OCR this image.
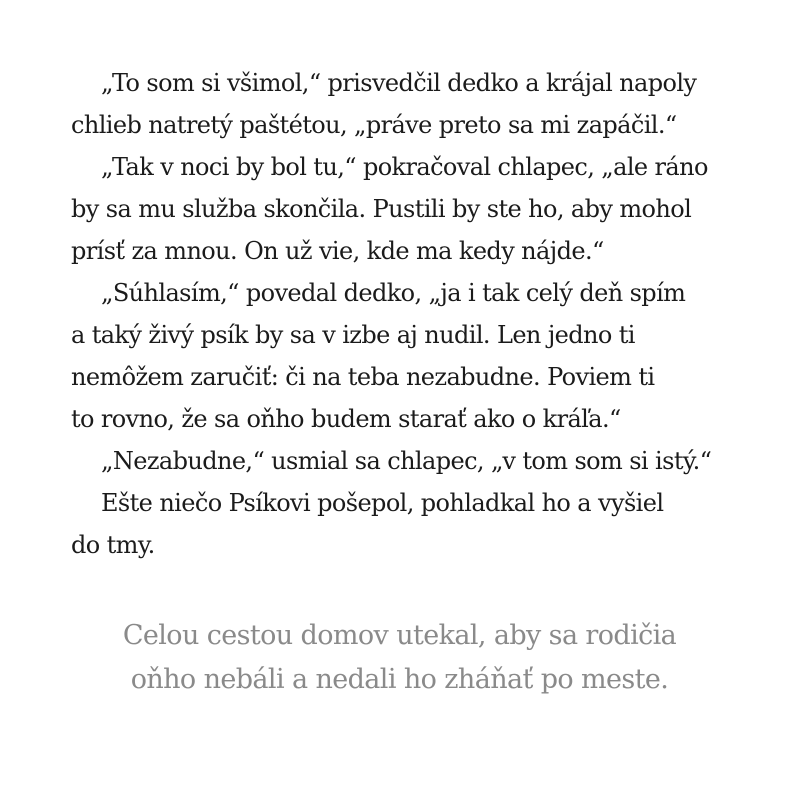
„To som si všimol,“ prisvedčil dedko a krájal napoly
chlieb natretý paštétou, „práve preto sa mi zapáčil.“
„Tak v noci by bol tu,“ pokračoval chlapec, „ale ráno
by sa mu služba skončila. Pustili by ste ho, aby mohol
prísť za mnou. On už vie, kde ma kedy nájde.“
„Súhlasím,“ povedal dedko, „ja i tak celý deň spím
a taký živý psík by sa v izbe aj nudil. Len jedno ti
nemôžem zaručiť: či na teba nezabudne. Poviem ti
to rovno, že sa oňho budem starať ako o kráľa.“
„Nezabudne,“ usmial sa chlapec, „v tom som si istý.“
Ešte niečo Psíkovi pošepol, pohladkal ho a vyšiel
do tmy.
Celou cestou domov utekal, aby sa rodičia
oňho nebáli a nedali ho zháňať po meste.
